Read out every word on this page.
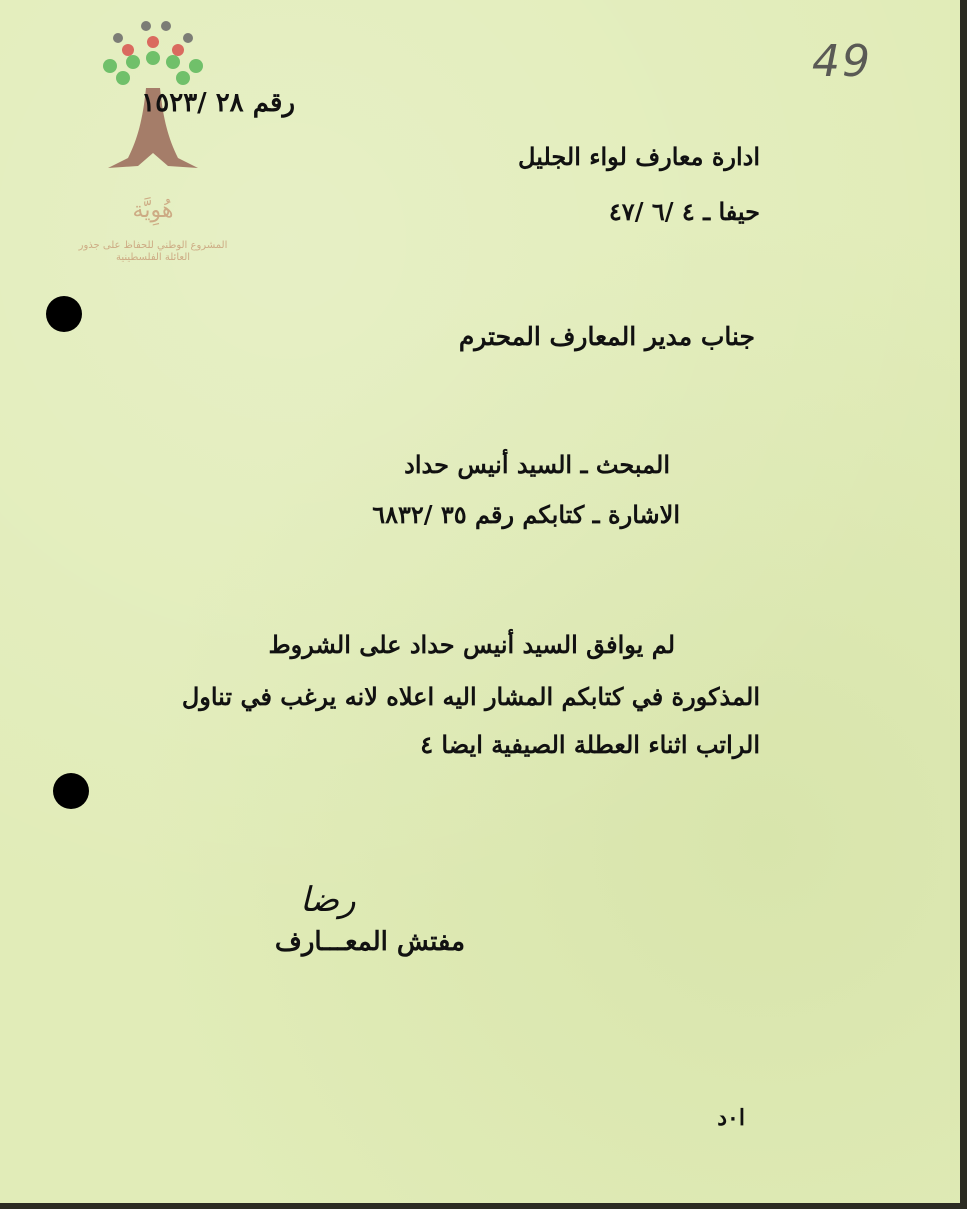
هُوِيَّة
المشروع الوطني للحفاظ على جذور العائلة الفلسطينية
49
رقم ٢٨ /١٥٢٣
ادارة معارف لواء الجليل
حيفا ـ ٤ /٦ /٤٧
جناب مدير المعارف المحترم
المبحث ـ السيد أنيس حداد
الاشارة ـ كتابكم رقم ٣٥ /٦٨٣٢
لم يوافق السيد أنيس حداد على الشروط
المذكورة في كتابكم المشار اليه اعلاه لانه يرغب في تناول
الراتب اثناء العطلة الصيفية ايضا ٤
رضا
مفتش المعـــارف
ا٠د
